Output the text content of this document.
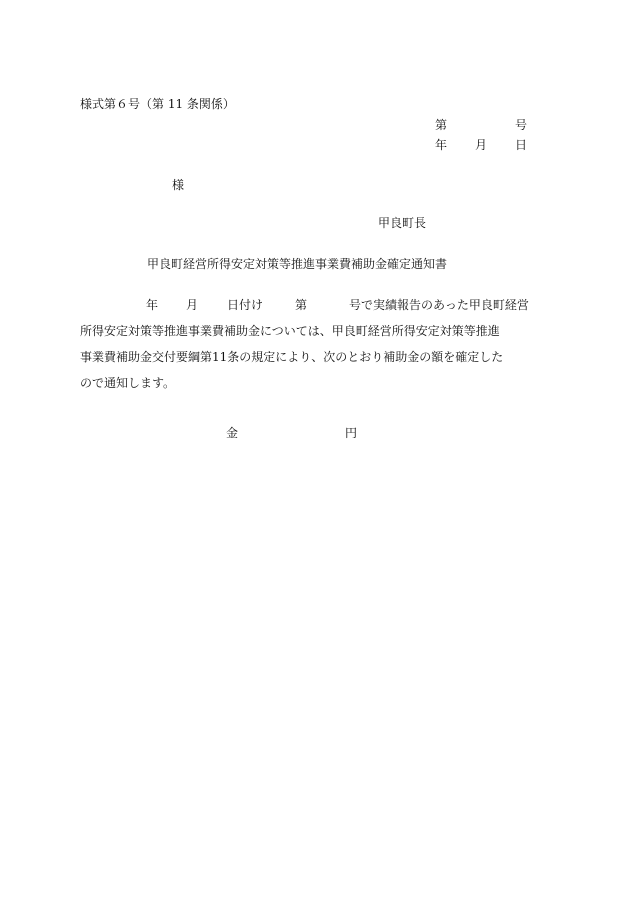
様式第６号（第 11 条関係）
第	号
年 月 日
様
甲良町長
甲良町経営所得安定対策等推進事業費補助金確定通知書
年 月 日付け	第	号で実績報告のあった甲良町経営
所得安定対策等推進事業費補助金については、甲良町経営所得安定対策等推進
事業費補助金交付要綱第11条の規定により、次のとおり補助金の額を確定した
ので通知します。
金	円
